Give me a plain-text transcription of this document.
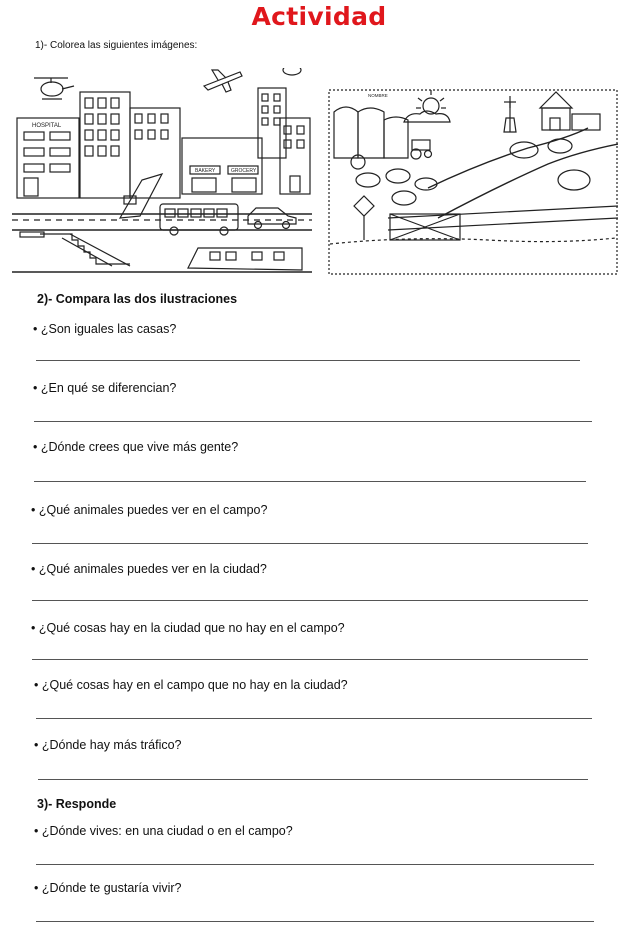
Actividad
1)- Colorea las siguientes imágenes:
HOSPITAL
BAKERY	GROCERY
NOMBRE
2)- Compara las dos ilustraciones
• ¿Son iguales las casas?
• ¿En qué se diferencian?
• ¿Dónde crees que vive más gente?
• ¿Qué animales puedes ver en el campo?
• ¿Qué animales puedes ver en la ciudad?
• ¿Qué cosas hay en la ciudad que no hay en el campo?
• ¿Qué cosas hay en el campo que no hay en la ciudad?
• ¿Dónde hay más tráfico?
3)- Responde
• ¿Dónde vives: en una ciudad o en el campo?
• ¿Dónde te gustaría vivir?
